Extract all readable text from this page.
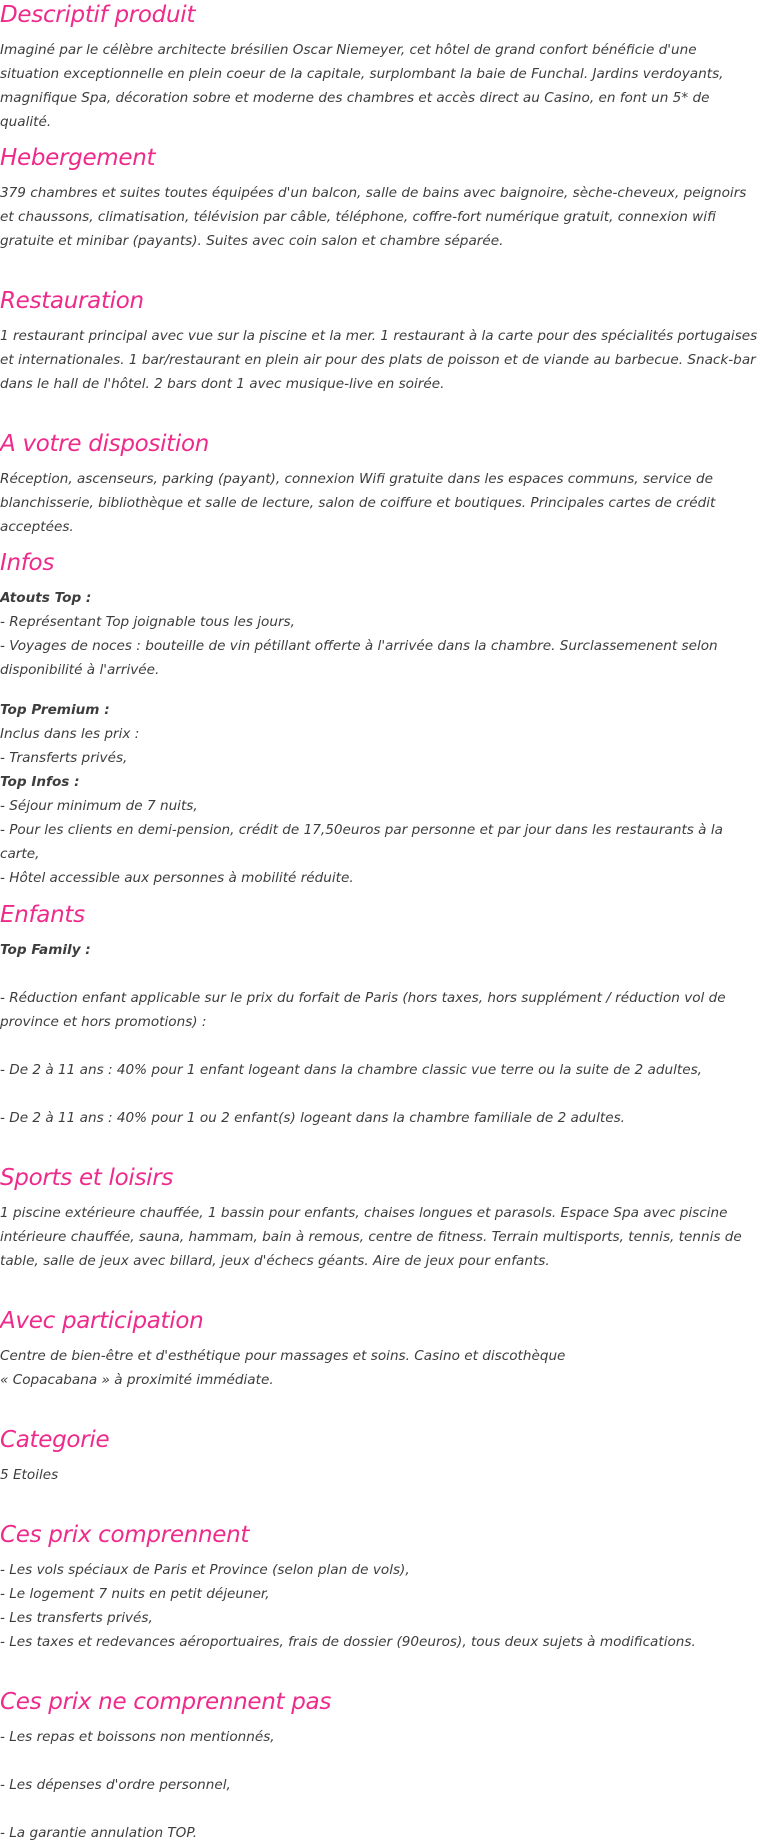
Descriptif produit

Imaginé par le célèbre architecte brésilien Oscar Niemeyer, cet hôtel de grand confort bénéficie d'une situation exceptionnelle en plein coeur de la capitale, surplombant la baie de Funchal. Jardins verdoyants, magnifique Spa, décoration sobre et moderne des chambres et accès direct au Casino, en font un 5* de qualité.

Hebergement

379 chambres et suites toutes équipées d'un balcon, salle de bains avec baignoire, sèche-cheveux, peignoirs et chaussons, climatisation, télévision par câble, téléphone, coffre-fort numérique gratuit, connexion wifi gratuite et minibar (payants). Suites avec coin salon et chambre séparée.

Restauration

1 restaurant principal avec vue sur la piscine et la mer. 1 restaurant à la carte pour des spécialités portugaises et internationales. 1 bar/restaurant en plein air pour des plats de poisson et de viande au barbecue. Snack-bar dans le hall de l'hôtel. 2 bars dont 1 avec musique-live en soirée.

A votre disposition

Réception, ascenseurs, parking (payant), connexion Wifi gratuite dans les espaces communs, service de blanchisserie, bibliothèque et salle de lecture, salon de coiffure et boutiques. Principales cartes de crédit acceptées.

Infos

Atouts Top :

- Représentant Top joignable tous les jours,

- Voyages de noces : bouteille de vin pétillant offerte à l'arrivée dans la chambre. Surclassemenent selon disponibilité à l'arrivée.

Top Premium :

Inclus dans les prix :

- Transferts privés,

Top Infos :

- Séjour minimum de 7 nuits,

- Pour les clients en demi-pension, crédit de 17,50euros par personne et par jour dans les restaurants à la carte,

- Hôtel accessible aux personnes à mobilité réduite.

Enfants

Top Family :

- Réduction enfant applicable sur le prix du forfait de Paris (hors taxes, hors supplément / réduction vol de province et hors promotions) :

- De 2 à 11 ans : 40% pour 1 enfant logeant dans la chambre classic vue terre ou la suite de 2 adultes,

- De 2 à 11 ans : 40% pour 1 ou 2 enfant(s) logeant dans la chambre familiale de 2 adultes.

Sports et loisirs

1 piscine extérieure chauffée, 1 bassin pour enfants, chaises longues et parasols. Espace Spa avec piscine intérieure chauffée, sauna, hammam, bain à remous, centre de fitness. Terrain multisports, tennis, tennis de table, salle de jeux avec billard, jeux d'échecs géants. Aire de jeux pour enfants.

Avec participation

Centre de bien-être et d'esthétique pour massages et soins. Casino et discothèque

« Copacabana » à proximité immédiate.

Categorie

5 Etoiles

Ces prix comprennent

- Les vols spéciaux de Paris et Province (selon plan de vols),

- Le logement 7 nuits en petit déjeuner,

- Les transferts privés,

- Les taxes et redevances aéroportuaires, frais de dossier (90euros), tous deux sujets à modifications.

Ces prix ne comprennent pas

- Les repas et boissons non mentionnés,

- Les dépenses d'ordre personnel,

- La garantie annulation TOP.
